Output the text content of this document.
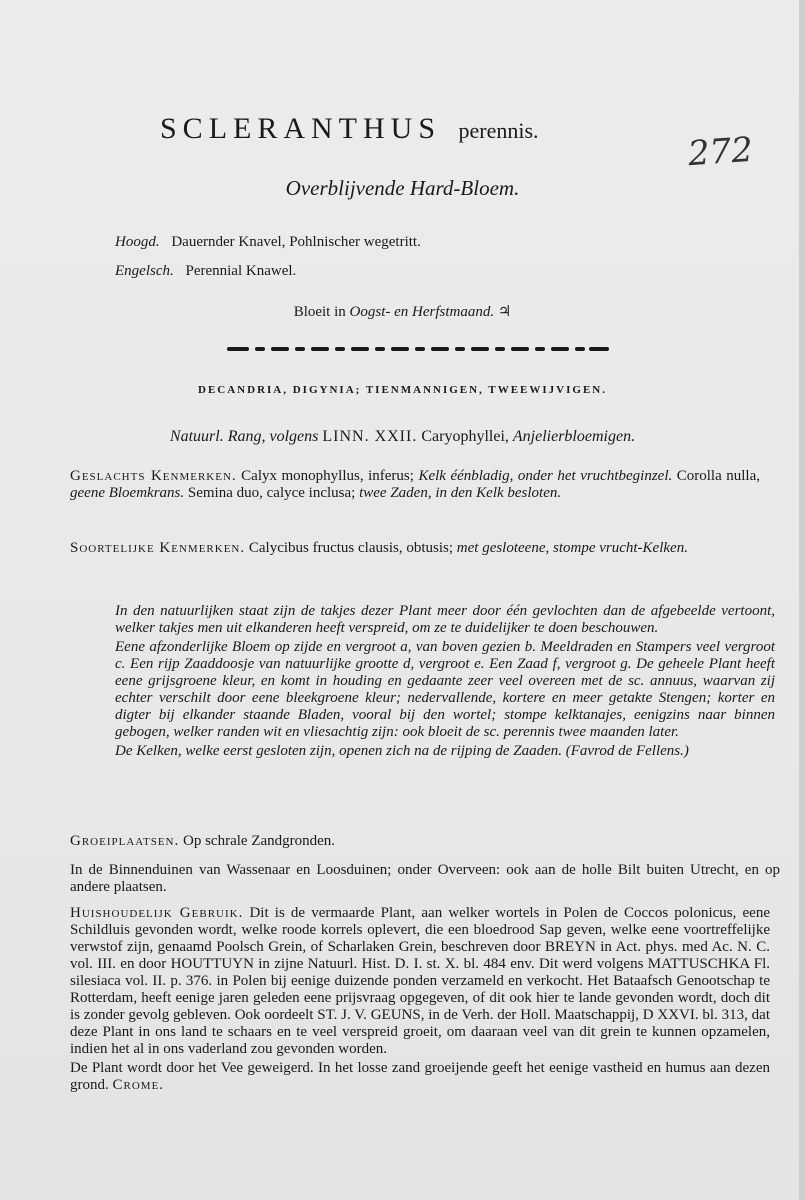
SCLERANTHUS perennis.	272
Overblijvende Hard-Bloem.
Hoogd. Dauernder Knavel, Pohlnischer wegetritt.
Engelsch. Perennial Knawel.
Bloeit in Oogst- en Herfstmaand. ♃
DECANDRIA, DIGYNIA; TIENMANNIGEN, TWEEWIJVIGEN.
Natuurl. Rang, volgens LINN. XXII. Caryophyllei, Anjelierbloemigen.
Geslachts Kenmerken. Calyx monophyllus, inferus; Kelk éénbladig, onder het vruchtbeginzel. Corolla nulla, geene Bloemkrans. Semina duo, calyce inclusa; twee Zaden, in den Kelk besloten.
Soortelijke Kenmerken. Calycibus fructus clausis, obtusis; met gesloteene, stompe vrucht-Kelken.
In den natuurlijken staat zijn de takjes dezer Plant meer door één gevlochten dan de afgebeelde vertoont, welker takjes men uit elkanderen heeft verspreid, om ze te duidelijker te doen beschouwen.
Eene afzonderlijke Bloem op zijde en vergroot a, van boven gezien b. Meeldraden en Stampers veel vergroot c. Een rijp Zaaddoosje van natuurlijke grootte d, vergroot e. Een Zaad f, vergroot g. De geheele Plant heeft eene grijsgroene kleur, en komt in houding en gedaante zeer veel overeen met de sc. annuus, waarvan zij echter verschilt door eene bleekgroene kleur; nedervallende, kortere en meer getakte Stengen; korter en digter bij elkander staande Bladen, vooral bij den wortel; stompe kelktanajes, eenigzins naar binnen gebogen, welker randen wit en vliesachtig zijn: ook bloeit de sc. perennis twee maanden later.
De Kelken, welke eerst gesloten zijn, openen zich na de rijping de Zaaden. (Favrod de Fellens.)
Groeiplaatsen. Op schrale Zandgronden.
In de Binnenduinen van Wassenaar en Loosduinen; onder Overveen: ook aan de holle Bilt buiten Utrecht, en op andere plaatsen.
Huishoudelijk Gebruik. Dit is de vermaarde Plant, aan welker wortels in Polen de Coccos polonicus, eene Schildluis gevonden wordt, welke roode korrels oplevert, die een bloedrood Sap geven, welke eene voortreffelijke verwstof zijn, genaamd Poolsch Grein, of Scharlaken Grein, beschreven door BREYN in Act. phys. med Ac. N. C. vol. III. en door HOUTTUYN in zijne Natuurl. Hist. D. I. st. X. bl. 484 env. Dit werd volgens MATTUSCHKA Fl. silesiaca vol. II. p. 376. in Polen bij eenige duizende ponden verzameld en verkocht. Het Bataafsch Genootschap te Rotterdam, heeft eenige jaren geleden eene prijsvraag opgegeven, of dit ook hier te lande gevonden wordt, doch dit is zonder gevolg gebleven. Ook oordeelt ST. J. V. GEUNS, in de Verh. der Holl. Maatschappij, D XXVI. bl. 313, dat deze Plant in ons land te schaars en te veel verspreid groeit, om daaraan veel van dit grein te kunnen opzamelen, indien het al in ons vaderland zou gevonden worden.
De Plant wordt door het Vee geweigerd. In het losse zand groeijende geeft het eenige vastheid en humus aan dezen grond. Crome.
